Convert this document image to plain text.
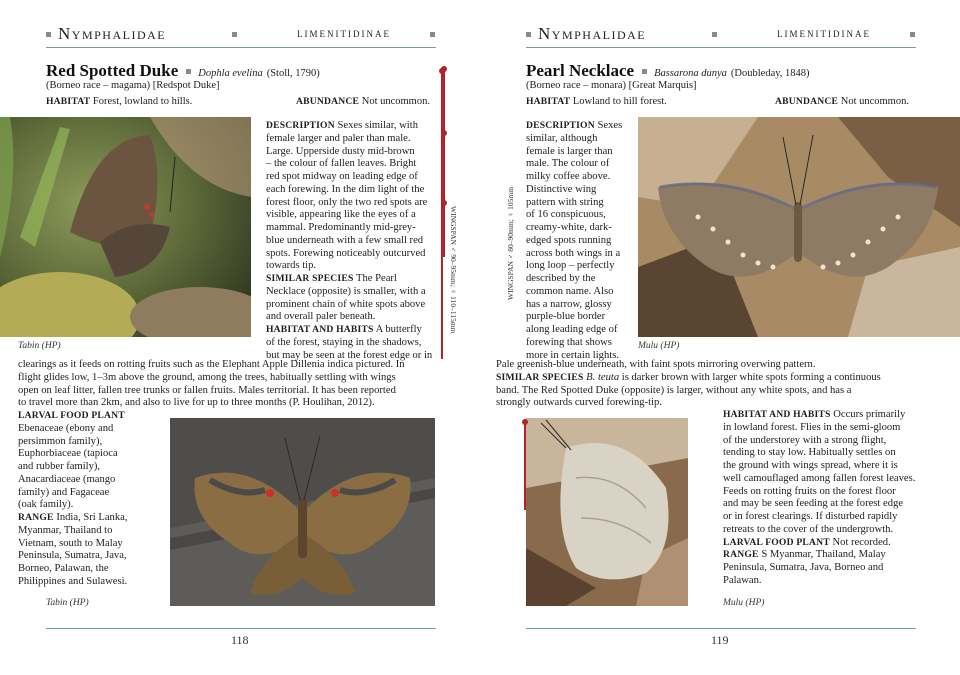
Nymphalidae	limenitidinae
Red Spotted Duke Dophla evelina (Stoll, 1790)
(Borneo race – magama) [Redspot Duke]
HABITAT Forest, lowland to hills.	ABUNDANCE Not uncommon.
Tabin (HP)
DESCRIPTION Sexes similar, with
female larger and paler than male.
Large. Upperside dusty mid-brown
– the colour of fallen leaves. Bright
red spot midway on leading edge of
each forewing. In the dim light of the
forest floor, only the two red spots are
visible, appearing like the eyes of a
mammal. Predominantly mid-grey-
blue underneath with a few small red
spots. Forewing noticeably outcurved
towards tip.
SIMILAR SPECIES The Pearl
Necklace (opposite) is smaller, with a
prominent chain of white spots above
and overall paler beneath.
HABITAT AND HABITS A butterfly
of the forest, staying in the shadows,
but may be seen at the forest edge or in
clearings as it feeds on rotting fruits such as the Elephant Apple Dillenia indica pictured. In
flight glides low, 1–3m above the ground, among the trees, habitually settling with wings
open on leaf litter, fallen tree trunks or fallen fruits. Males territorial. It has been reported
to travel more than 2km, and also to live for up to three months (P. Houlihan, 2012).
LARVAL FOOD PLANT
Ebenaceae (ebony and
persimmon family),
Euphorbiaceae (tapioca
and rubber family),
Anacardiaceae (mango
family) and Fagaceae
(oak family).
RANGE India, Sri Lanka,
Myanmar, Thailand to
Vietnam, south to Malay
Peninsula, Sumatra, Java,
Borneo, Palawan, the
Philippines and Sulawesi.
Tabin (HP)
WINGSPAN ♂ 90–95mm; ♀ 110–115mm
118
Nymphalidae	limenitidinae
Pearl Necklace Bassarona dunya (Doubleday, 1848)
(Borneo race – monara) [Great Marquis]
HABITAT Lowland to hill forest.	ABUNDANCE Not uncommon.
WINGSPAN ♂ 80–90mm; ♀ 105mm
DESCRIPTION Sexes
similar, although
female is larger than
male. The colour of
milky coffee above.
Distinctive wing
pattern with string
of 16 conspicuous,
creamy-white, dark-
edged spots running
across both wings in a
long loop – perfectly
described by the
common name. Also
has a narrow, glossy
purple-blue border
along leading edge of
forewing that shows
more in certain lights.
Mulu (HP)
Pale greenish-blue underneath, with faint spots mirroring overwing pattern.
SIMILAR SPECIES B. teuta is darker brown with larger white spots forming a continuous
band. The Red Spotted Duke (opposite) is larger, without any white spots, and has a
strongly outwards curved forewing-tip.
HABITAT AND HABITS Occurs primarily
in lowland forest. Flies in the semi-gloom
of the understorey with a strong flight,
tending to stay low. Habitually settles on
the ground with wings spread, where it is
well camouflaged among fallen forest leaves.
Feeds on rotting fruits on the forest floor
and may be seen feeding at the forest edge
or in forest clearings. If disturbed rapidly
retreats to the cover of the undergrowth.
LARVAL FOOD PLANT Not recorded.
RANGE S Myanmar, Thailand, Malay
Peninsula, Sumatra, Java, Borneo and
Palawan.
Mulu (HP)
119
